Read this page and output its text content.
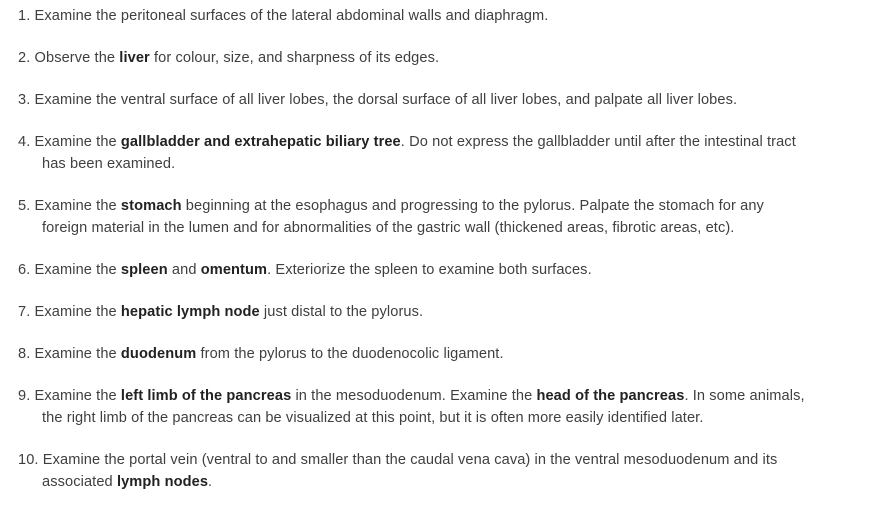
1. Examine the peritoneal surfaces of the lateral abdominal walls and diaphragm.
2. Observe the liver for colour, size, and sharpness of its edges.
3. Examine the ventral surface of all liver lobes, the dorsal surface of all liver lobes, and palpate all liver lobes.
4. Examine the gallbladder and extrahepatic biliary tree. Do not express the gallbladder until after the intestinal tract
has been examined.
5. Examine the stomach beginning at the esophagus and progressing to the pylorus. Palpate the stomach for any
foreign material in the lumen and for abnormalities of the gastric wall (thickened areas, fibrotic areas, etc).
6. Examine the spleen and omentum. Exteriorize the spleen to examine both surfaces.
7. Examine the hepatic lymph node just distal to the pylorus.
8. Examine the duodenum from the pylorus to the duodenocolic ligament.
9. Examine the left limb of the pancreas in the mesoduodenum. Examine the head of the pancreas. In some animals,
the right limb of the pancreas can be visualized at this point, but it is often more easily identified later.
10. Examine the portal vein (ventral to and smaller than the caudal vena cava) in the ventral mesoduodenum and its
associated lymph nodes.
